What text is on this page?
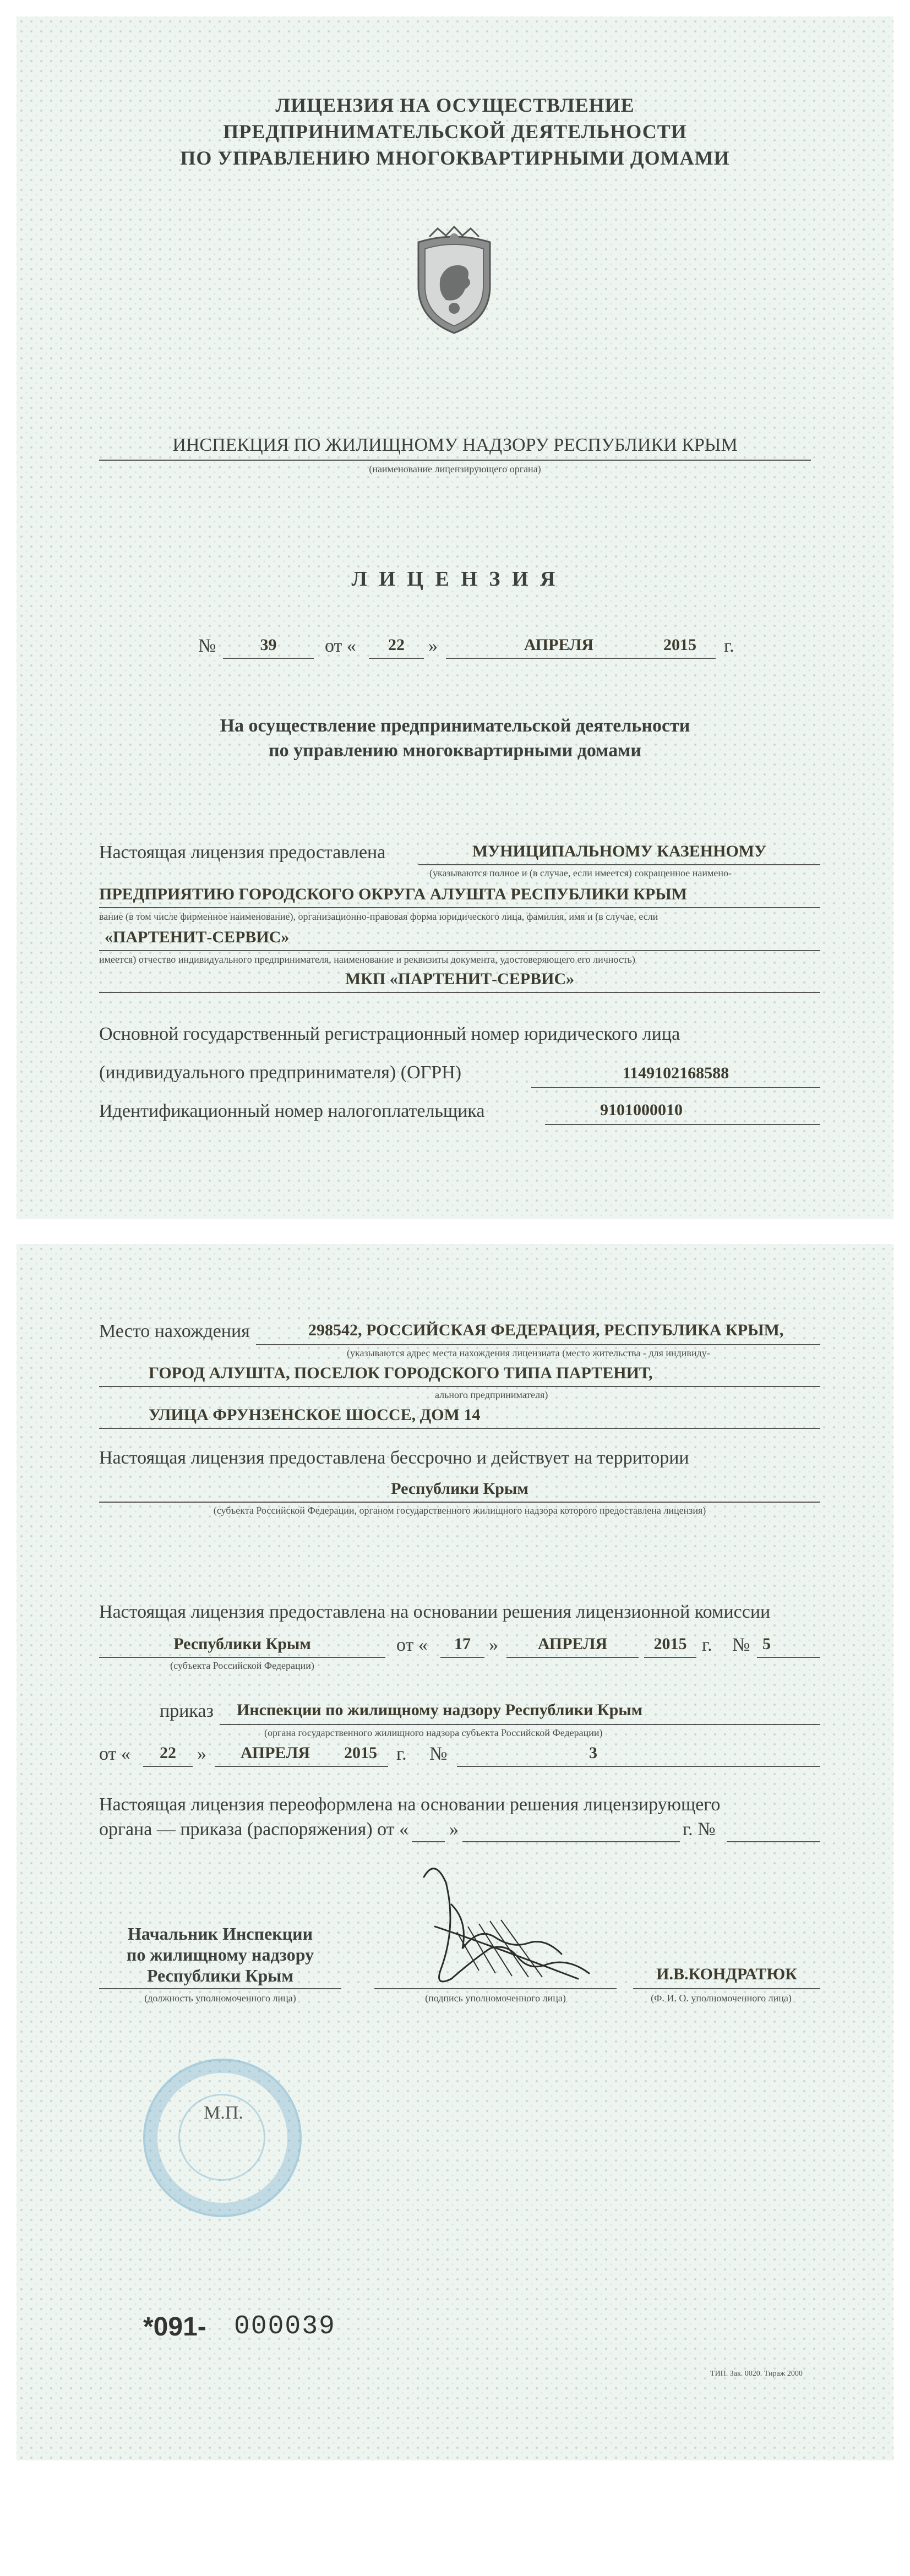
ЛИЦЕНЗИЯ НА ОСУЩЕСТВЛЕНИЕ
ПРЕДПРИНИМАТЕЛЬСКОЙ ДЕЯТЕЛЬНОСТИ
ПО УПРАВЛЕНИЮ МНОГОКВАРТИРНЫМИ ДОМАМИ
ИНСПЕКЦИЯ ПО ЖИЛИЩНОМУ НАДЗОРУ РЕСПУБЛИКИ КРЫМ
(наименование лицензирующего органа)
Л И Ц Е Н З И Я
№	39	от «	22	»	АПРЕЛЯ	2015	г.
На осуществление предпринимательской деятельности
по управлению многоквартирными домами
Настоящая лицензия предоставлена	МУНИЦИПАЛЬНОМУ КАЗЕННОМУ
(указываются полное и (в случае, если имеется) сокращенное наимено-
ПРЕДПРИЯТИЮ ГОРОДСКОГО ОКРУГА АЛУШТА РЕСПУБЛИКИ КРЫМ
вание (в том числе фирменное наименование), организационно-правовая форма юридического лица, фамилия, имя и (в случае, если
«ПАРТЕНИТ-СЕРВИС»
имеется) отчество индивидуального предпринимателя, наименование и реквизиты документа, удостоверяющего его личность)
МКП «ПАРТЕНИТ-СЕРВИС»
Основной государственный регистрационный номер юридического лица
(индивидуального предпринимателя) (ОГРН)	1149102168588
Идентификационный номер налогоплательщика	9101000010
Место нахождения	298542, РОССИЙСКАЯ ФЕДЕРАЦИЯ, РЕСПУБЛИКА КРЫМ,
(указываются адрес места нахождения лицензиата (место жительства - для индивиду-
ГОРОД АЛУШТА, ПОСЕЛОК ГОРОДСКОГО ТИПА ПАРТЕНИТ,
ального предпринимателя)
УЛИЦА ФРУНЗЕНСКОЕ ШОССЕ, ДОМ 14
Настоящая лицензия предоставлена бессрочно и действует на территории
Республики Крым
(субъекта Российской Федерации, органом государственного жилищного надзора которого предоставлена лицензия)
Настоящая лицензия предоставлена на основании решения лицензионной комиссии
Республики Крым
(субъекта Российской Федерации)
от «	17 »	АПРЕЛЯ	2015 г. № 5
приказ Инспекции по жилищному надзору Республики Крым
(органа государственного жилищного надзора субъекта Российской Федерации)
от «	22	»	АПРЕЛЯ	2015	г. №	3
Настоящая лицензия переоформлена на основании решения лицензирующего
органа — приказа (распоряжения) от « »	г. №
Начальник Инспекции
по жилищному надзору
Республики Крым
(должность уполномоченного лица)	(подпись уполномоченного лица)
И.В.КОНДРАТЮК
(Ф. И. О. уполномоченного лица)
М.П.
*091- 000039
ТИП. Зак. 0020. Тираж 2000
